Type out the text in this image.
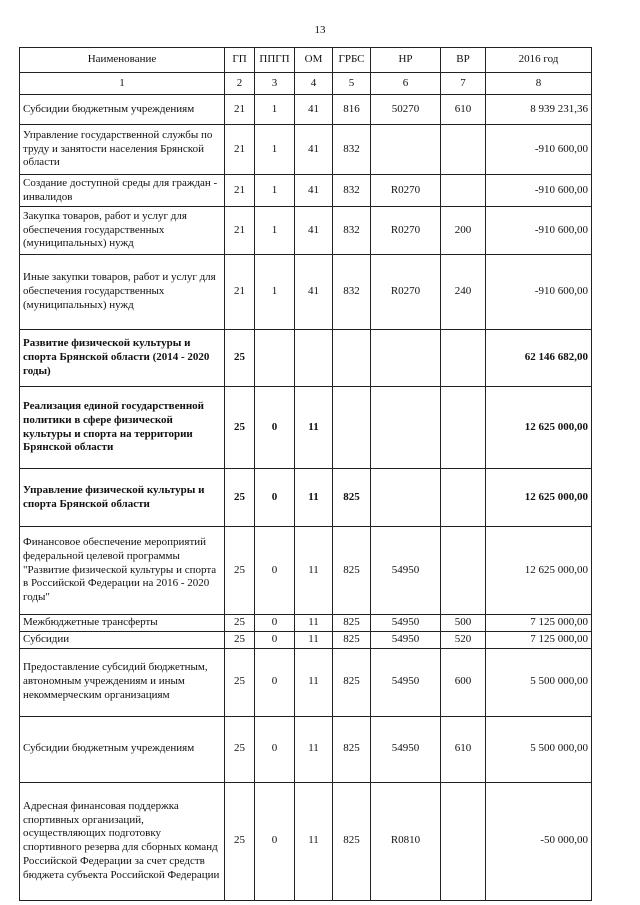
13
Наименование	ГП	ППГП	ОМ	ГРБС	НР	ВР	2016 год
1	2	3	4	5	6	7	8
Субсидии бюджетным учреждениям	21	1	41	816	50270	610	8 939 231,36
Управление государственной службы по труду и занятости населения Брянской области	21	1	41	832			-910 600,00
Создание доступной среды для граждан - инвалидов	21	1	41	832	R0270		-910 600,00
Закупка товаров, работ и услуг для обеспечения государственных (муниципальных) нужд	21	1	41	832	R0270	200	-910 600,00
Иные закупки товаров, работ и услуг для обеспечения государственных (муниципальных) нужд	21	1	41	832	R0270	240	-910 600,00
Развитие физической культуры и спорта Брянской области (2014 - 2020 годы)	25						62 146 682,00
Реализация единой государственной политики в сфере физической культуры и спорта на территории Брянской области	25	0	11				12 625 000,00
Управление физической культуры и спорта Брянской области	25	0	11	825			12 625 000,00
Финансовое обеспечение мероприятий федеральной целевой программы "Развитие физической культуры и спорта в Российской Федерации на 2016 - 2020 годы"	25	0	11	825	54950		12 625 000,00
Межбюджетные трансферты	25	0	11	825	54950	500	7 125 000,00
Субсидии	25	0	11	825	54950	520	7 125 000,00
Предоставление субсидий бюджетным, автономным учреждениям и иным некоммерческим организациям	25	0	11	825	54950	600	5 500 000,00
Субсидии бюджетным учреждениям	25	0	11	825	54950	610	5 500 000,00
Адресная финансовая поддержка спортивных организаций, осуществляющих подготовку спортивного резерва для сборных команд Российской Федерации за счет средств бюджета субъекта Российской Федерации	25	0	11	825	R0810		-50 000,00
